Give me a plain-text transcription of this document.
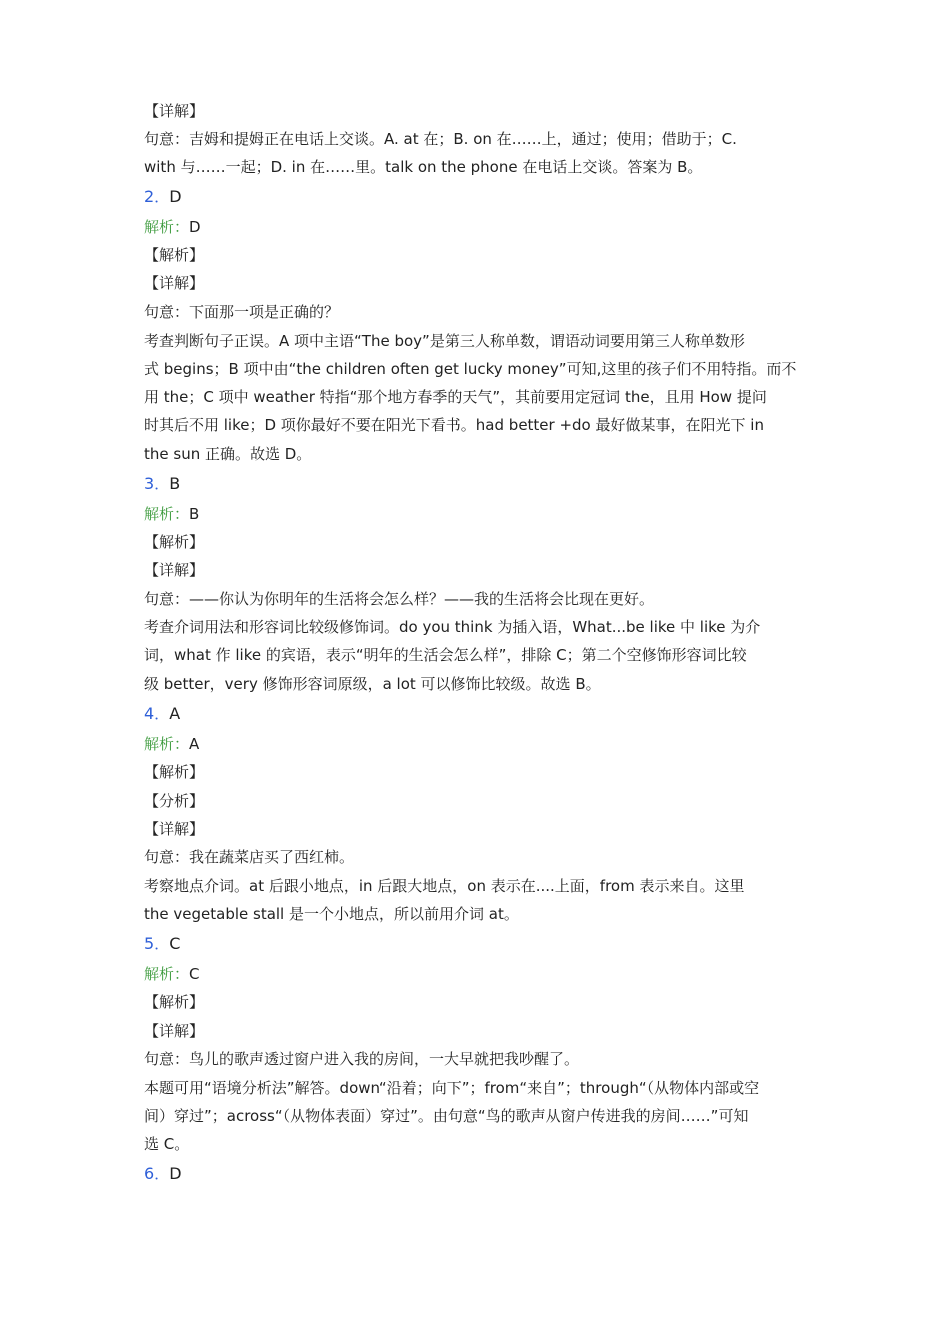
【详解】
句意：吉姆和提姆正在电话上交谈。A. at 在；B. on 在……上，通过；使用；借助于；C.
with 与……一起；D. in 在……里。talk on the phone 在电话上交谈。答案为 B。
2．D
解析：D
【解析】
【详解】
句意：下面那一项是正确的？
考查判断句子正误。A 项中主语“The boy”是第三人称单数，谓语动词要用第三人称单数形
式 begins；B 项中由“the children often get lucky money”可知,这里的孩子们不用特指。而不
用 the；C 项中 weather 特指“那个地方春季的天气”，其前要用定冠词 the，且用 How 提问
时其后不用 like；D 项你最好不要在阳光下看书。had better +do 最好做某事，在阳光下 in
the sun 正确。故选 D。
3．B
解析：B
【解析】
【详解】
句意：——你认为你明年的生活将会怎么样？——我的生活将会比现在更好。
考查介词用法和形容词比较级修饰词。do you think 为插入语，What...be like 中 like 为介
词，what 作 like 的宾语，表示“明年的生活会怎么样”，排除 C；第二个空修饰形容词比较
级 better，very 修饰形容词原级，a lot 可以修饰比较级。故选 B。
4．A
解析：A
【解析】
【分析】
【详解】
句意：我在蔬菜店买了西红柿。
考察地点介词。at 后跟小地点，in 后跟大地点，on 表示在....上面，from 表示来自。这里
the vegetable stall 是一个小地点，所以前用介词 at。
5．C
解析：C
【解析】
【详解】
句意：鸟儿的歌声透过窗户进入我的房间，一大早就把我吵醒了。
本题可用“语境分析法”解答。down“沿着；向下”；from“来自”；through“（从物体内部或空
间）穿过”；across“（从物体表面）穿过”。由句意“鸟的歌声从窗户传进我的房间……”可知
选 C。
6．D
